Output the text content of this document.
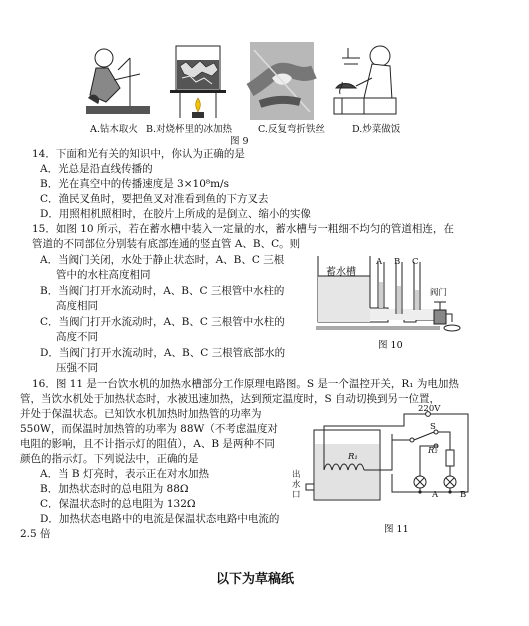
A.钻木取火 B.对烧杯里的冰加热	C.反复弯折铁丝	D.炒菜做饭
图 9
14．下面和光有关的知识中，你认为正确的是
A．光总是沿直线传播的
B．光在真空中的传播速度是 3×10⁸m/s
C．渔民叉鱼时，要把鱼叉对准看到鱼的下方叉去
D．用照相机照相时，在胶片上所成的是倒立、缩小的实像
15．如图 10 所示，若在蓄水槽中装入一定量的水，蓄水槽与一粗细不均匀的管道相连，在
管道的不同部位分别装有底部连通的竖直管 A、B、C。则
A．当阀门关闭，水处于静止状态时，A、B、C 三根
管中的水柱高度相同
B．当阀门打开水流动时，A、B、C 三根管中水柱的
高度相同
C．当阀门打开水流动时，A、B、C 三根管中水柱的
高度不同
D．当阀门打开水流动时，A、B、C 三根管底部水的
压强不同
蓄水槽
A B C
阀门
图 10
16．图 11 是一台饮水机的加热水槽部分工作原理电路图。S 是一个温控开关，R₁ 为电加热
管，当饮水机处于加热状态时，水被迅速加热，达到预定温度时，S 自动切换到另一位置，
并处于保温状态。已知饮水机加热时加热管的功率为
550W，而保温时加热管的功率为 88W（不考虑温度对
电阻的影响，且不计指示灯的阻值），A、B 是两种不同
颜色的指示灯。下列说法中，正确的是
A．当 B 灯亮时，表示正在对水加热
B．加热状态时的总电阻为 88Ω
C．保温状态时的总电阻为 132Ω
D．加热状态电路中的电流是保温状态电路中电流的
2.5 倍
220V
S
R₂
R₁
A	B
出
水
口
图 11
以下为草稿纸
